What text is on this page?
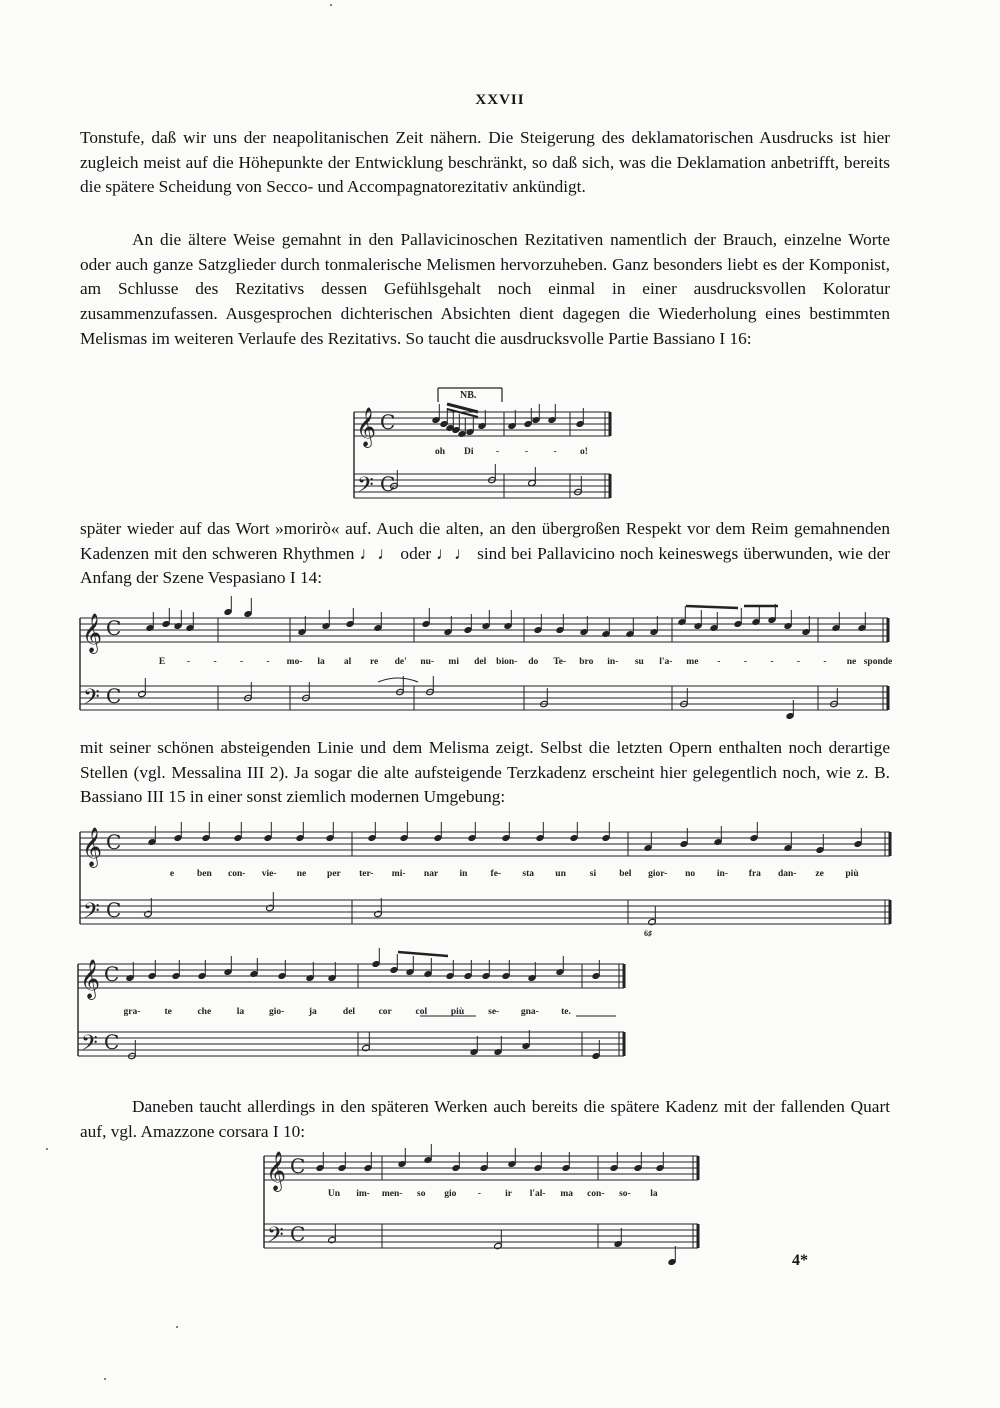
XXVII

Tonstufe, daß wir uns der neapolitanischen Zeit nähern. Die Steigerung des deklamatorischen Ausdrucks ist hier zugleich meist auf die Höhepunkte der Entwicklung beschränkt, so daß sich, was die Deklamation anbetrifft, bereits die spätere Scheidung von Secco- und Accompagnatorezitativ ankündigt.

An die ältere Weise gemahnt in den Pallavicinoschen Rezitativen namentlich der Brauch, einzelne Worte oder auch ganze Satzglieder durch tonmalerische Melismen hervorzuheben. Ganz besonders liebt es der Komponist, am Schlusse des Rezitativs dessen Gefühlsgehalt noch einmal in einer ausdrucksvollen Koloratur zusammenzufassen. Ausgesprochen dichterischen Absichten dient dagegen die Wiederholung eines bestimmten Melismas im weiteren Verlaufe des Rezitativs. So taucht die ausdrucksvolle Partie Bassiano I 16:

später wieder auf das Wort »morirò« auf. Auch die alten, an den übergroßen Respekt vor dem Reim gemahnenden Kadenzen mit den schweren Rhythmen ♩♩ oder ♩♩ sind bei Pallavicino noch keineswegs überwunden, wie der Anfang der Szene Vespasiano I 14:

mit seiner schönen absteigenden Linie und dem Melisma zeigt. Selbst die letzten Opern enthalten noch derartige Stellen (vgl. Messalina III 2). Ja sogar die alte aufsteigende Terzkadenz erscheint hier gelegentlich noch, wie z. B. Bassiano III 15 in einer sonst ziemlich modernen Umgebung:

Daneben taucht allerdings in den späteren Werken auch bereits die spätere Kadenz mit der fallenden Quart auf, vgl. Amazzone corsara I 10:

𝄞
𝄢
C
C
NB.
oh Di -	-	- o!
𝄞
𝄢
C
C
E - - - - mo- la al re de' nu- mi del bion- do Te- bro in- su l'a- me - - - - - ne sponde
𝄞
𝄢
C
C
e ben con- vie- ne per ter- mi- nar in fe- sta un	si bel gior- no in- fra dan- ze più
6♯
𝄞
𝄢
C
C
gra-	te	che	la	gio-	ja	del cor	col	più	se- gna- te.
𝄞
𝄢
C
C
Un im- men- so gio -	ir l'al- ma con- so- la
4*
